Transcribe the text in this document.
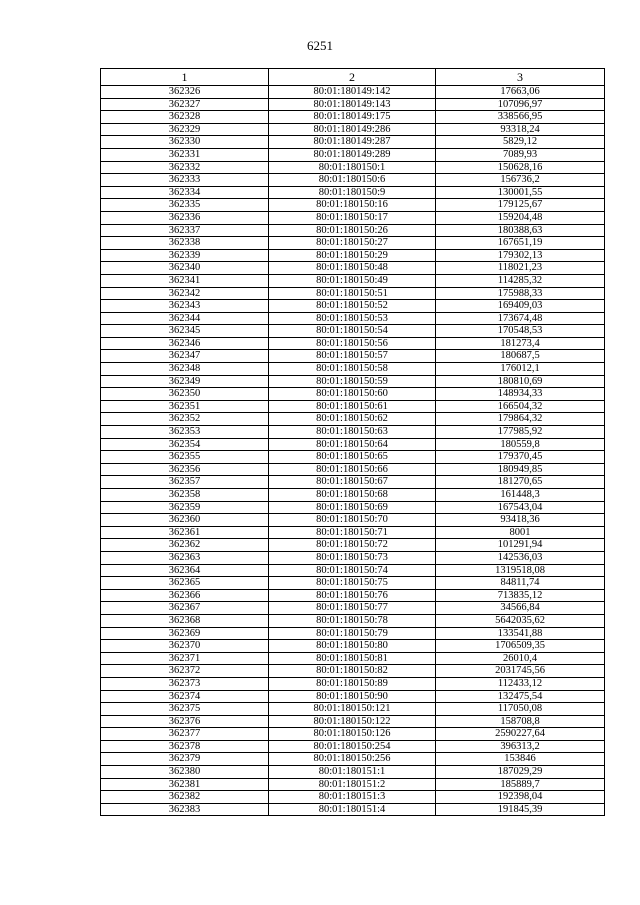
6251
1	2	3
362326	80:01:180149:142	17663,06
362327	80:01:180149:143	107096,97
362328	80:01:180149:175	338566,95
362329	80:01:180149:286	93318,24
362330	80:01:180149:287	5829,12
362331	80:01:180149:289	7089,93
362332	80:01:180150:1	150628,16
362333	80:01:180150:6	156736,2
362334	80:01:180150:9	130001,55
362335	80:01:180150:16	179125,67
362336	80:01:180150:17	159204,48
362337	80:01:180150:26	180388,63
362338	80:01:180150:27	167651,19
362339	80:01:180150:29	179302,13
362340	80:01:180150:48	118021,23
362341	80:01:180150:49	114285,32
362342	80:01:180150:51	175988,33
362343	80:01:180150:52	169409,03
362344	80:01:180150:53	173674,48
362345	80:01:180150:54	170548,53
362346	80:01:180150:56	181273,4
362347	80:01:180150:57	180687,5
362348	80:01:180150:58	176012,1
362349	80:01:180150:59	180810,69
362350	80:01:180150:60	148934,33
362351	80:01:180150:61	166504,32
362352	80:01:180150:62	179864,32
362353	80:01:180150:63	177985,92
362354	80:01:180150:64	180559,8
362355	80:01:180150:65	179370,45
362356	80:01:180150:66	180949,85
362357	80:01:180150:67	181270,65
362358	80:01:180150:68	161448,3
362359	80:01:180150:69	167543,04
362360	80:01:180150:70	93418,36
362361	80:01:180150:71	8001
362362	80:01:180150:72	101291,94
362363	80:01:180150:73	142536,03
362364	80:01:180150:74	1319518,08
362365	80:01:180150:75	84811,74
362366	80:01:180150:76	713835,12
362367	80:01:180150:77	34566,84
362368	80:01:180150:78	5642035,62
362369	80:01:180150:79	133541,88
362370	80:01:180150:80	1706509,35
362371	80:01:180150:81	26010,4
362372	80:01:180150:82	2031745,56
362373	80:01:180150:89	112433,12
362374	80:01:180150:90	132475,54
362375	80:01:180150:121	117050,08
362376	80:01:180150:122	158708,8
362377	80:01:180150:126	2590227,64
362378	80:01:180150:254	396313,2
362379	80:01:180150:256	153846
362380	80:01:180151:1	187029,29
362381	80:01:180151:2	185889,7
362382	80:01:180151:3	192398,04
362383	80:01:180151:4	191845,39
